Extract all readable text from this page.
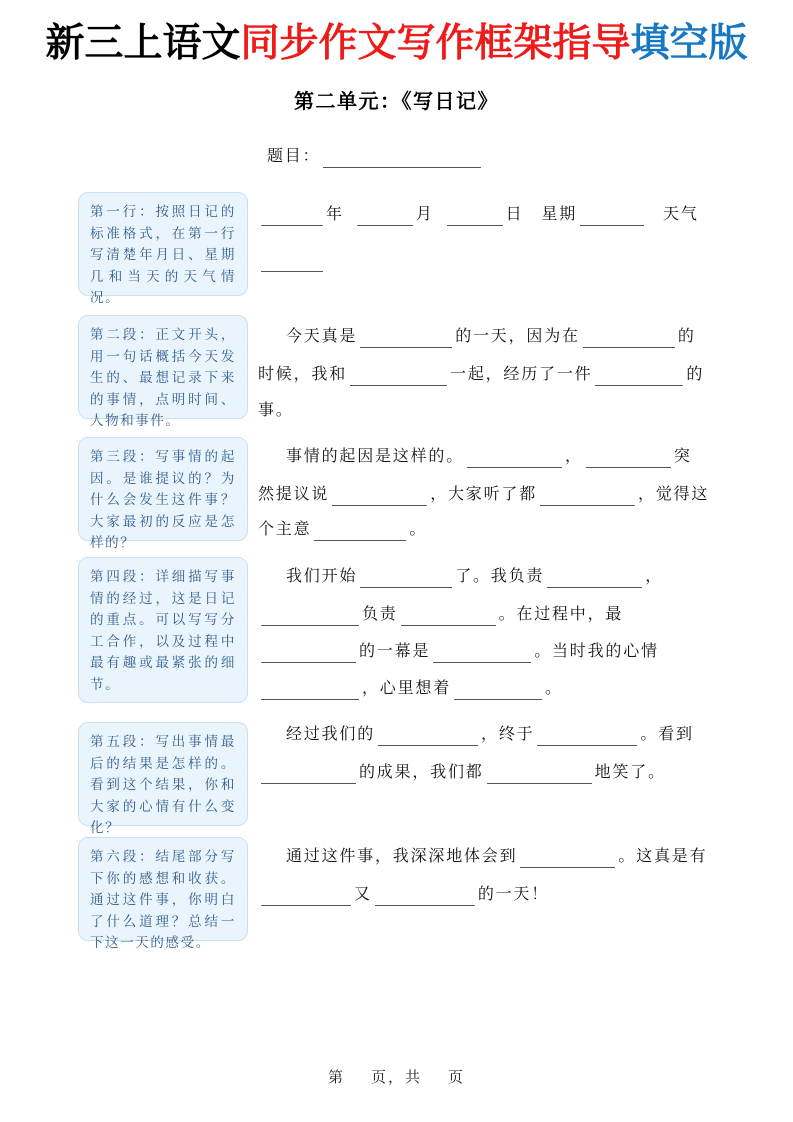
新三上语文同步作文写作框架指导填空版
第二单元：《写日记》
题目：
第一行：按照日记的标准格式，在第一行写清楚年月日、星期几和当天的天气情况。
第二段：正文开头，用一句话概括今天发生的、最想记录下来的事情，点明时间、人物和事件。
第三段：写事情的起因。是谁提议的？为什么会发生这件事？大家最初的反应是怎样的？
第四段：详细描写事情的经过，这是日记的重点。可以写写分工合作，以及过程中最有趣或最紧张的细节。
第五段：写出事情最后的结果是怎样的。看到这个结果，你和大家的心情有什么变化？
第六段：结尾部分写下你的感想和收获。通过这件事，你明白了什么道理？总结一下这一天的感受。
年	月	日 星期	天气
今天真是	的一天，因为在	的
时候，我和	一起，经历了一件	的
事。
事情的起因是这样的。	，	突
然提议说	，大家听了都	，觉得这
个主意	。
我们开始	了。我负责	，
负责	。在过程中，最
的一幕是	。当时我的心情
，心里想着	。
经过我们的	，终于	。看到
的成果，我们都	地笑了。
通过这件事，我深深地体会到	。这真是有
又	的一天！
第 页，共 页
